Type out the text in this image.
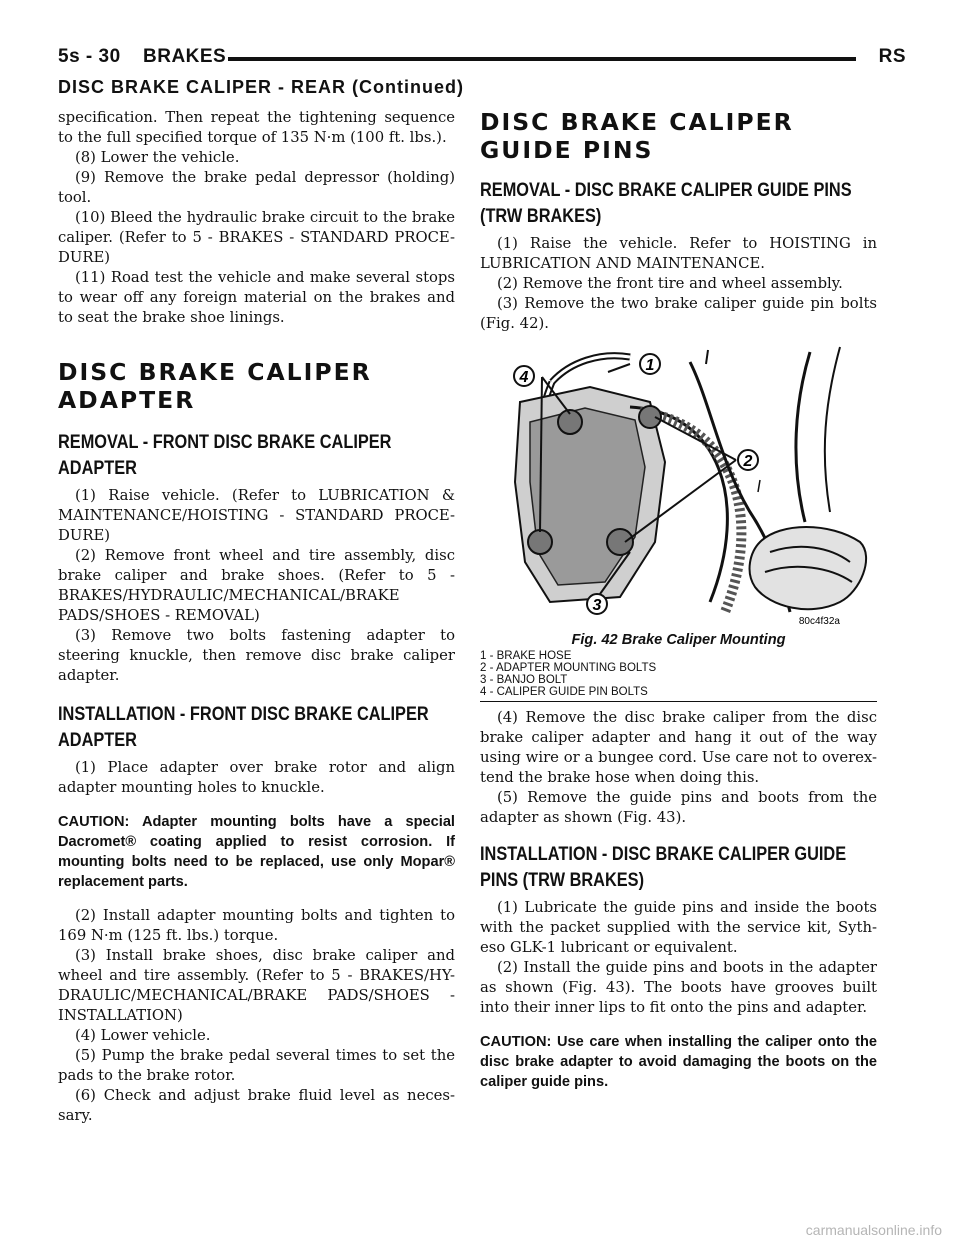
5s - 30 BRAKES	RS
DISC BRAKE CALIPER - REAR (Continued)

specification. Then repeat the tightening sequence to the full specified torque of 135 N·m (100 ft. lbs.).

(8) Lower the vehicle.

(9) Remove the brake pedal depressor (holding) tool.

(10) Bleed the hydraulic brake circuit to the brake caliper. (Refer to 5 - BRAKES - STANDARD PROCE-DURE)

(11) Road test the vehicle and make several stops to wear off any foreign material on the brakes and to seat the brake shoe linings.

DISC BRAKE CALIPER ADAPTER
REMOVAL - FRONT DISC BRAKE CALIPER ADAPTER

(1) Raise vehicle. (Refer to LUBRICATION & MAINTENANCE/HOISTING - STANDARD PROCE-DURE)

(2) Remove front wheel and tire assembly, disc brake caliper and brake shoes. (Refer to 5 - BRAKES/HYDRAULIC/MECHANICAL/BRAKE PADS/SHOES - REMOVAL)

(3) Remove two bolts fastening adapter to steering knuckle, then remove disc brake caliper adapter.

INSTALLATION - FRONT DISC BRAKE CALIPER ADAPTER

(1) Place adapter over brake rotor and align adapter mounting holes to knuckle.

CAUTION: Adapter mounting bolts have a special Dacromet® coating applied to resist corrosion. If mounting bolts need to be replaced, use only Mopar® replacement parts.

(2) Install adapter mounting bolts and tighten to 169 N·m (125 ft. lbs.) torque.

(3) Install brake shoes, disc brake caliper and wheel and tire assembly. (Refer to 5 - BRAKES/HY-DRAULIC/MECHANICAL/BRAKE PADS/SHOES - INSTALLATION)

(4) Lower vehicle.

(5) Pump the brake pedal several times to set the pads to the brake rotor.

(6) Check and adjust brake fluid level as neces-sary.

DISC BRAKE CALIPER GUIDE PINS
REMOVAL - DISC BRAKE CALIPER GUIDE PINS (TRW BRAKES)

(1) Raise the vehicle. Refer to HOISTING in LUBRICATION AND MAINTENANCE.

(2) Remove the front tire and wheel assembly.

(3) Remove the two brake caliper guide pin bolts (Fig. 42).

1
2
3
4
80c4f32a
Fig. 42 Brake Caliper Mounting
1 - BRAKE HOSE
2 - ADAPTER MOUNTING BOLTS
3 - BANJO BOLT
4 - CALIPER GUIDE PIN BOLTS

(4) Remove the disc brake caliper from the disc brake caliper adapter and hang it out of the way using wire or a bungee cord. Use care not to overex-tend the brake hose when doing this.

(5) Remove the guide pins and boots from the adapter as shown (Fig. 43).

INSTALLATION - DISC BRAKE CALIPER GUIDE PINS (TRW BRAKES)

(1) Lubricate the guide pins and inside the boots with the packet supplied with the service kit, Syth-eso GLK-1 lubricant or equivalent.

(2) Install the guide pins and boots in the adapter as shown (Fig. 43). The boots have grooves built into their inner lips to fit onto the pins and adapter.

CAUTION: Use care when installing the caliper onto the disc brake adapter to avoid damaging the boots on the caliper guide pins.

carmanualsonline.info
